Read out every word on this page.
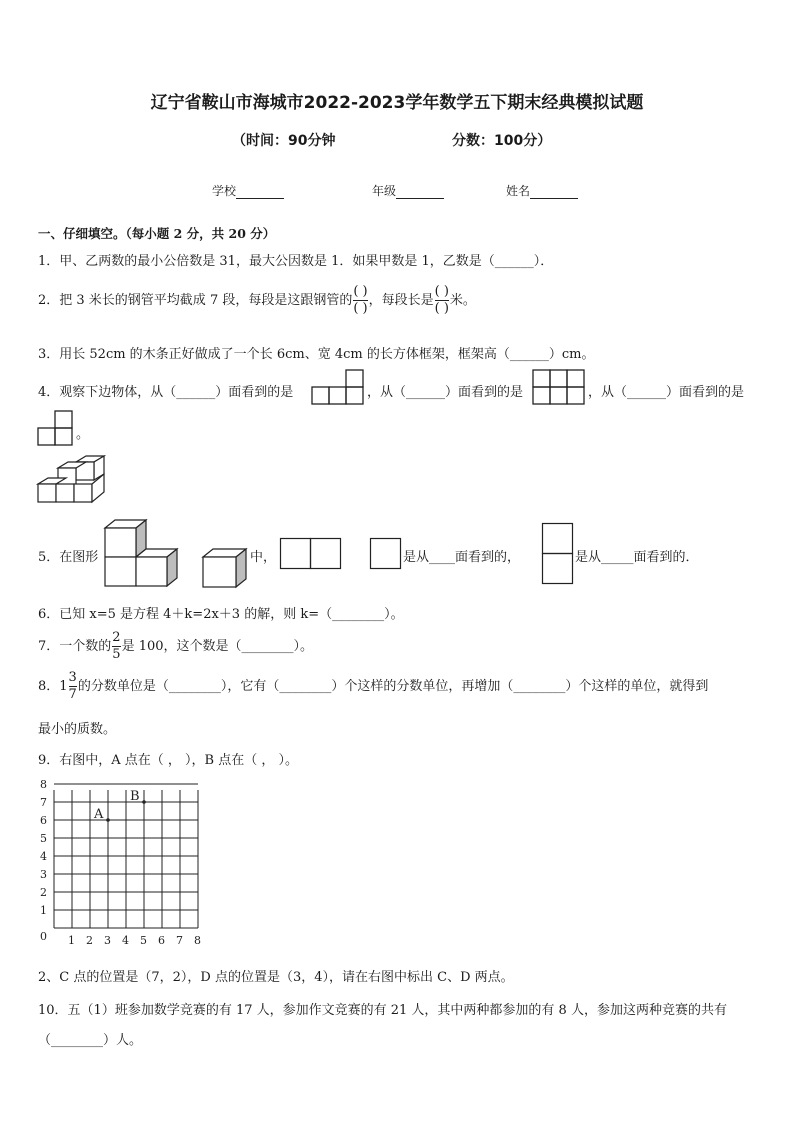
辽宁省鞍山市海城市2022-2023学年数学五下期末经典模拟试题
（时间：90分钟	分数：100分）
学校	年级	姓名
一、仔细填空。（每小题 2 分，共 20 分）
1．甲、乙两数的最小公倍数是 31，最大公因数是 1．如果甲数是 1，乙数是（______）．
2．把 3 米长的钢管平均截成 7 段，每段是这跟钢管的 $\frac{( )}{( )}$ ，每段长是 $\frac{( )}{( )}$ 米。
3．用长 52cm 的木条正好做成了一个长 6cm、宽 4cm 的长方体框架，框架高（______）cm。
4．观察下边物体，从（______）面看到的是	，从（______）面看到的是	，从（______）面看到的是
。
5．在图形	中，	是从____面看到的，	是从_____面看到的．
6．已知 x=5 是方程 4＋k=2x＋3 的解，则 k=（________）。
7．一个数的 $\frac{2}{5}$ 是 100，这个数是（________）。
8．$1 \frac{3}{7}$ 的分数单位是（________），它有（________）个这样的分数单位，再增加（________）个这样的单位，就得到
最小的质数。
9．右图中，A 点在（ ， ），B 点在（ ， ）。
1 2 3 4 5 6 7 8
0
1
2
3
4
5
6
7
8
A
B
2、C 点的位置是（7，2），D 点的位置是（3，4），请在右图中标出 C、D 两点。
10．五（1）班参加数学竞赛的有 17 人，参加作文竞赛的有 21 人，其中两种都参加的有 8 人，参加这两种竞赛的共有
（________）人。
